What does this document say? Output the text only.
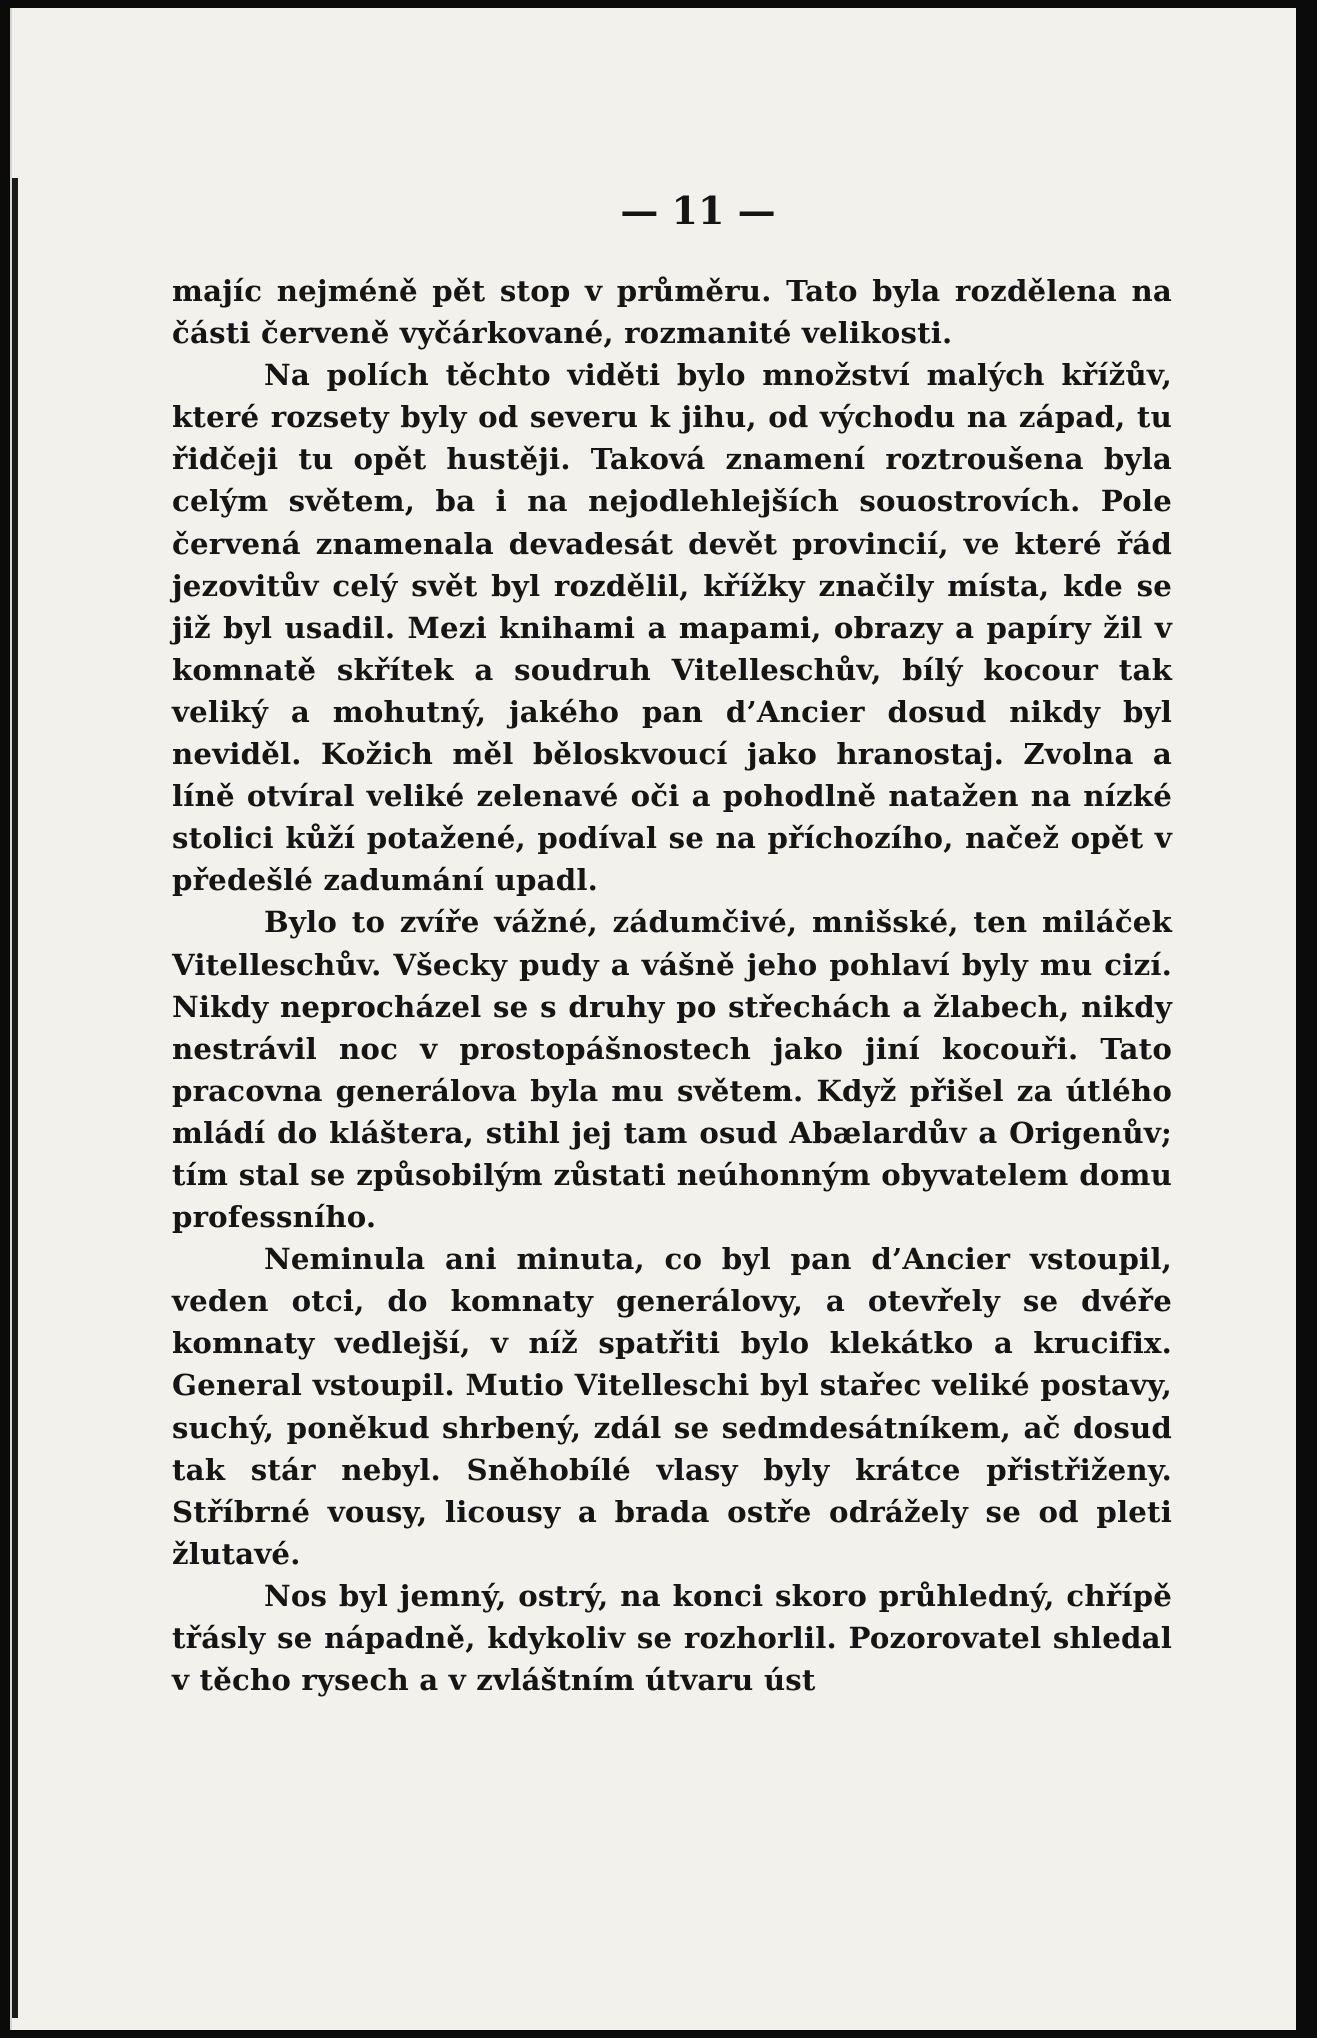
— 11 —

majíc nejméně pět stop v průměru. Tato byla rozdělena na části červeně vyčárkované, rozmanité velikosti.

Na polích těchto viděti bylo množství malých křížův, které rozsety byly od severu k jihu, od východu na západ, tu řidčeji tu opět hustěji. Taková znamení roztroušena byla celým světem, ba i na nejodlehlejších souostrovích. Pole červená znamenala devadesát devět provincií, ve které řád jezovitův celý svět byl rozdělil, křížky značily místa, kde se již byl usadil. Mezi knihami a mapami, obrazy a papíry žil v komnatě skřítek a soudruh Vitelleschův, bílý kocour tak veliký a mohutný, jakého pan d’Ancier dosud nikdy byl neviděl. Kožich měl běloskvoucí jako hranostaj. Zvolna a líně otvíral veliké zelenavé oči a pohodlně natažen na nízké stolici kůží potažené, podíval se na příchozího, načež opět v předešlé zadumání upadl.

Bylo to zvíře vážné, zádumčivé, mnišské, ten miláček Vitelleschův. Všecky pudy a vášně jeho pohlaví byly mu cizí. Nikdy neprocházel se s druhy po střechách a žlabech, nikdy nestrávil noc v prostopášnostech jako jiní kocouři. Tato pracovna generálova byla mu světem. Když přišel za útlého mládí do kláštera, stihl jej tam osud Abælardův a Origenův; tím stal se způsobilým zůstati neúhonným obyvatelem domu professního.

Neminula ani minuta, co byl pan d’Ancier vstoupil, veden otci, do komnaty generálovy, a otevřely se dvéře komnaty vedlejší, v níž spatřiti bylo klekátko a krucifix. General vstoupil. Mutio Vitelleschi byl stařec veliké postavy, suchý, poněkud shrbený, zdál se sedmdesátníkem, ač dosud tak stár nebyl. Sněhobílé vlasy byly krátce přistřiženy. Stříbrné vousy, licousy a brada ostře odrážely se od pleti žlutavé.

Nos byl jemný, ostrý, na konci skoro průhledný, chřípě třásly se nápadně, kdykoliv se rozhorlil. Pozorovatel shledal v těcho rysech a v zvláštním útvaru úst
